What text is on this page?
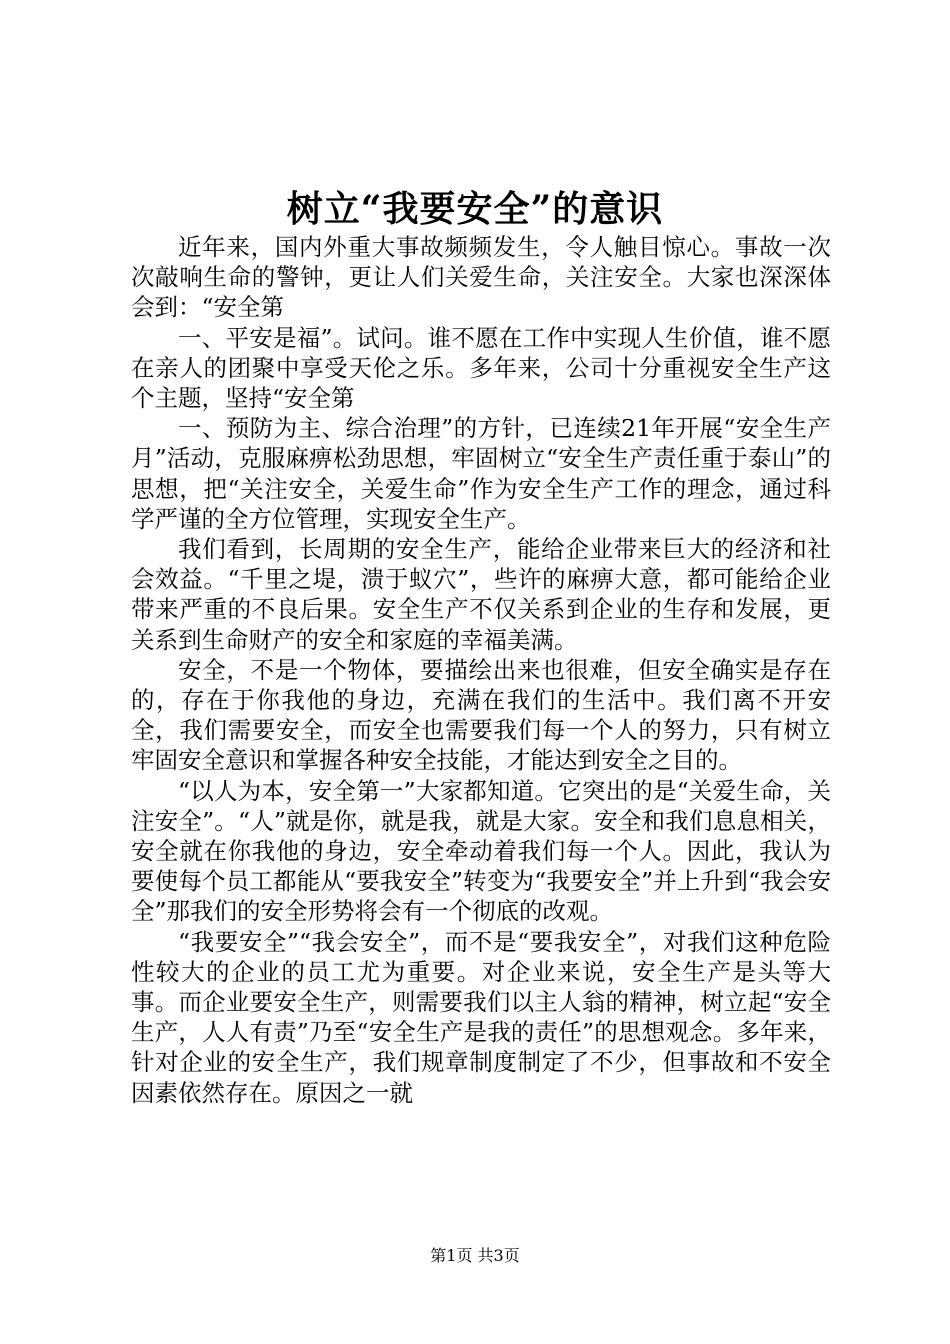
树立“我要安全”的意识

近年来，国内外重大事故频频发生，令人触目惊心。事故一次次敲响生命的警钟，更让人们关爱生命，关注安全。大家也深深体会到：“安全第

一、平安是福”。试问。谁不愿在工作中实现人生价值，谁不愿在亲人的团聚中享受天伦之乐。多年来，公司十分重视安全生产这个主题，坚持“安全第

一、预防为主、综合治理”的方针，已连续21年开展“安全生产月”活动，克服麻痹松劲思想，牢固树立“安全生产责任重于泰山”的思想，把“关注安全，关爱生命”作为安全生产工作的理念，通过科学严谨的全方位管理，实现安全生产。

我们看到，长周期的安全生产，能给企业带来巨大的经济和社会效益。“千里之堤，溃于蚁穴”，些许的麻痹大意，都可能给企业带来严重的不良后果。安全生产不仅关系到企业的生存和发展，更关系到生命财产的安全和家庭的幸福美满。

安全，不是一个物体，要描绘出来也很难，但安全确实是存在的，存在于你我他的身边，充满在我们的生活中。我们离不开安全，我们需要安全，而安全也需要我们每一个人的努力，只有树立牢固安全意识和掌握各种安全技能，才能达到安全之目的。

“以人为本，安全第一”大家都知道。它突出的是“关爱生命，关注安全”。“人”就是你，就是我，就是大家。安全和我们息息相关，安全就在你我他的身边，安全牵动着我们每一个人。因此，我认为要使每个员工都能从“要我安全”转变为“我要安全”并上升到“我会安全”那我们的安全形势将会有一个彻底的改观。

“我要安全”“我会安全”，而不是“要我安全”，对我们这种危险性较大的企业的员工尤为重要。对企业来说，安全生产是头等大事。而企业要安全生产，则需要我们以主人翁的精神，树立起“安全生产，人人有责”乃至“安全生产是我的责任”的思想观念。多年来，针对企业的安全生产，我们规章制度制定了不少，但事故和不安全因素依然存在。原因之一就

第1页 共3页
